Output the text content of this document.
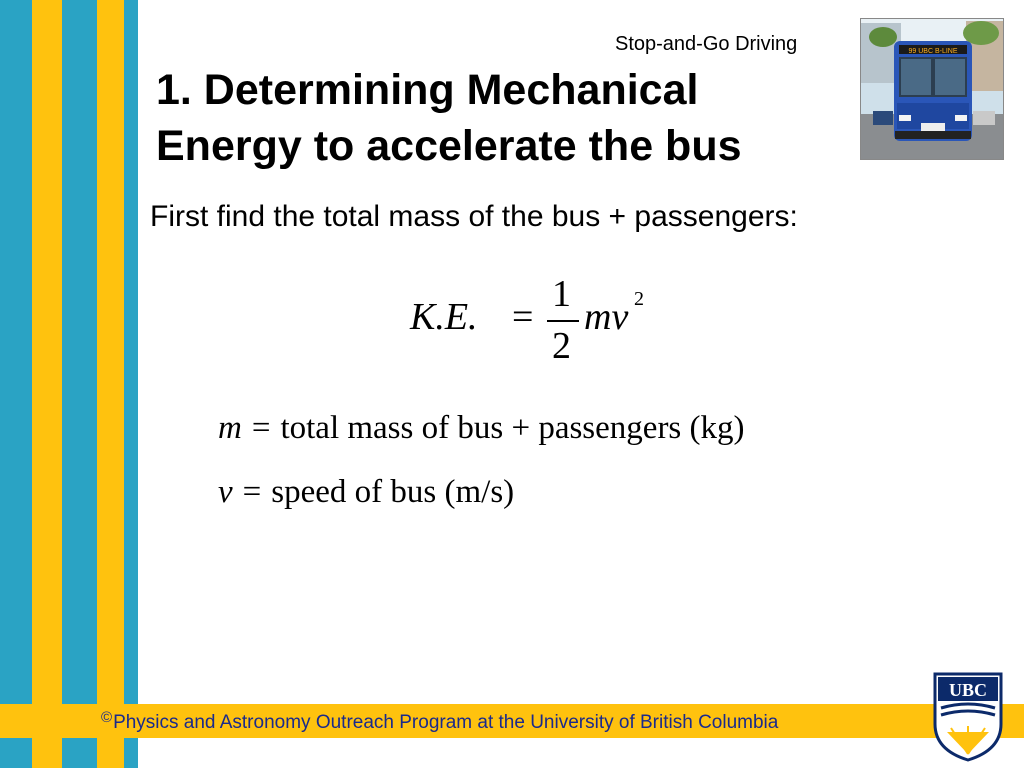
Stop-and-Go Driving
1. Determining Mechanical
Energy to accelerate the bus
99 UBC B-LINE
First find the total mass of the bus + passengers:
K.E. =
1
2
mv 2
m = total mass of bus + passengers (kg)
v = speed of bus (m/s)
©Physics and Astronomy Outreach Program at the University of British Columbia
UBC
